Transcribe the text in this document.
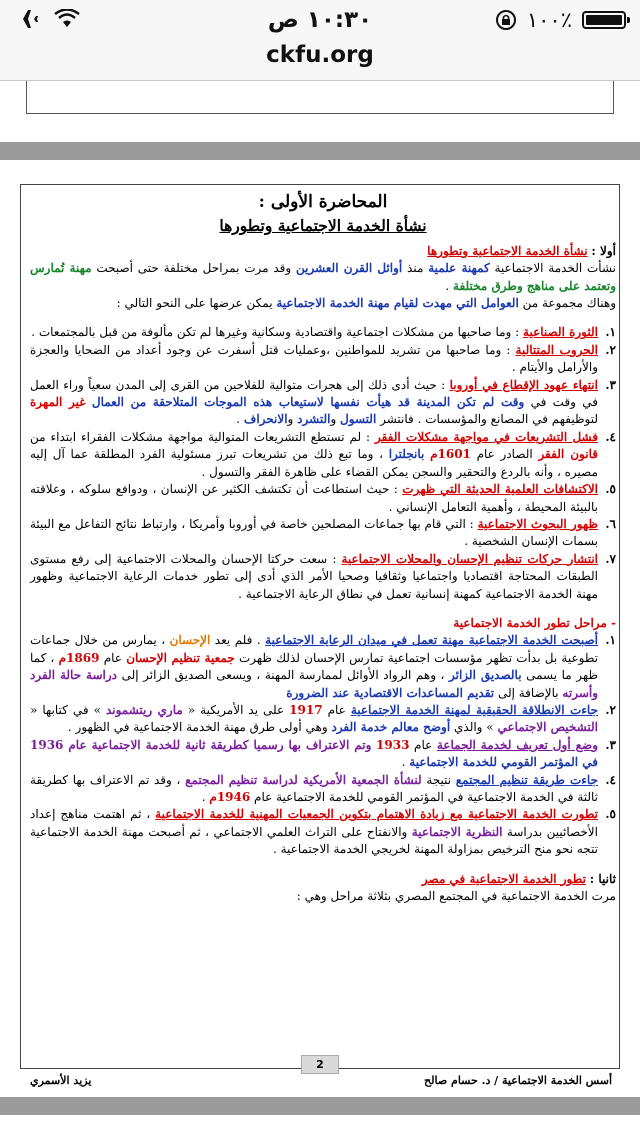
١٠:٣٠ ص	١٠٠٪
ckfu.org

المحاضرة الأولى :

نشأة الخدمة الاجتماعية وتطورها

أولا : نشأة الخدمة الاجتماعية وتطورها

نشأت الخدمة الاجتماعية كمهنة علمية منذ أوائل القرن العشرين وقد مرت بمراحل مختلفة حتى أصبحت مهنة تُمارس وتعتمد على مناهج وطرق مختلفة .

وهناك مجموعة من العوامل التي مهدت لقيام مهنة الخدمة الاجتماعية يمكن عرضها على النحو التالي :

١.
الثورة الصناعية : وما صاحبها من مشكلات اجتماعية واقتصادية وسكانية وغيرها لم تكن مألوفة من قبل بالمجتمعات .

٢.
الحروب المتتالية : وما صاحبها من تشريد للمواطنين ،وعمليات قتل أسفرت عن وجود أعداد من الضحايا والعجزة والأرامل والأيتام .

٣.
انتهاء عهود الإقطاع في أوروبا : حيث أدى ذلك إلى هجرات متوالية للفلاحين من القرى إلى المدن سعياً وراء العمل في وقت في وقت لم تكن المدينة قد هيأت نفسها لاستيعاب هذه الموجات المتلاحقة من العمال غير المهرة لتوظيفهم في المصانع والمؤسسات . فانتشر التسول والتشرد والانحراف .

٤.
فشل التشريعات في مواجهة مشكلات الفقر : لم تستطع التشريعات المتوالية مواجهة مشكلات الفقراء ابتداء من قانون الفقر الصادر عام 1601م بانجلترا ، وما تبع ذلك من تشريعات تبرز مسئولية الفرد المطلقة عما آل إليه مصيره ، وأنه بالردع والتحقير والسجن يمكن القضاء على ظاهرة الفقر والتسول .

٥.
الاكتشافات العلمية الحديثة التي ظهرت : حيث استطاعت أن تكتشف الكثير عن الإنسان ، ودوافع سلوكه ، وعلاقته بالبيئة المحيطة ، وأهمية التعامل الإنساني .

٦.
ظهور البحوث الاجتماعية : التي قام بها جماعات المصلحين خاصة في أوروبا وأمريكا ، وارتباط نتائج التفاعل مع البيئة بسمات الإنسان الشخصية .

٧.
انتشار حركات تنظيم الإحسان والمحلات الاجتماعية : سعت حركتا الإحسان والمحلات الاجتماعية إلى رفع مستوى الطبقات المحتاجة اقتصاديا واجتماعيا وثقافيا وصحيا الأمر الذي أدى إلى تطور خدمات الرعاية الاجتماعية وظهور مهنة الخدمة الاجتماعية كمهنة إنسانية تعمل في نطاق الرعاية الاجتماعية .

- مراحل تطور الخدمة الاجتماعية

١.
أصبحت الخدمة الاجتماعية مهنة تعمل في ميدان الرعاية الاجتماعية . فلم يعد الإحسان ، يمارس من خلال جماعات تطوعية بل بدأت تظهر مؤسسات اجتماعية تمارس الإحسان لذلك ظهرت جمعية تنظيم الإحسان عام 1869م ، كما ظهر ما يسمى بالصديق الزائر ، وهم الرواد الأوائل لممارسة المهنة ، ويسعى الصديق الزائر إلى دراسة حالة الفرد وأسرته بالإضافة إلى تقديم المساعدات الاقتصادية عند الضرورة

٢.
جاءت الانطلاقة الحقيقية لمهنة الخدمة الاجتماعية عام 1917 على يد الأمريكية « ماري ريتشموند » في كتابها « التشخيص الاجتماعي » والذي أوضح معالم خدمة الفرد وهي أولى طرق مهنة الخدمة الاجتماعية في الظهور .

٣.
وضع أول تعريف لخدمة الجماعة عام 1933 وتم الاعتراف بها رسميا كطريقة ثانية للخدمة الاجتماعية عام 1936 في المؤتمر القومي للخدمة الاجتماعية .

٤.
جاءت طريقة تنظيم المجتمع نتيجة لنشأة الجمعية الأمريكية لدراسة تنظيم المجتمع ، وقد تم الاعتراف بها كطريقة ثالثة في الخدمة الاجتماعية في المؤتمر القومي للخدمة الاجتماعية عام 1946م .

٥.
تطورت الخدمة الاجتماعية مع زيادة الاهتمام بتكوين الجمعيات المهنية للخدمة الاجتماعية ، ثم اهتمت مناهج إعداد الأخصائيين بدراسة النظرية الاجتماعية والانفتاح على التراث العلمي الاجتماعي ، ثم أصبحت مهنة الخدمة الاجتماعية تتجه نحو منح الترخيص بمزاولة المهنة لخريجي الخدمة الاجتماعية .

ثانيا : تطور الخدمة الاجتماعية في مصر

مرت الخدمة الاجتماعية في المجتمع المصري بثلاثة مراحل وهي :

2
أسس الخدمة الاجتماعية / د. حسام صالح
يزيد الأسمري
